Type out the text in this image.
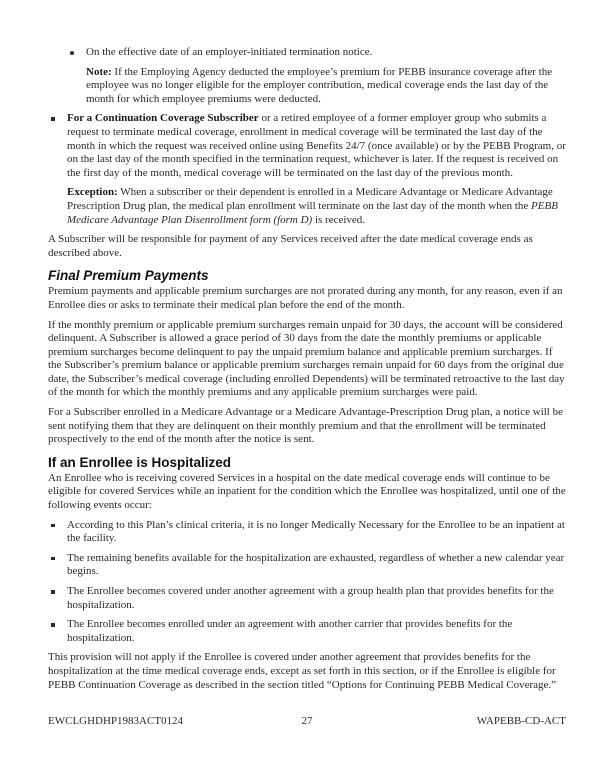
On the effective date of an employer-initiated termination notice.

Note: If the Employing Agency deducted the employee’s premium for PEBB insurance coverage after the employee was no longer eligible for the employer contribution, medical coverage ends the last day of the month for which employee premiums were deducted.

For a Continuation Coverage Subscriber or a retired employee of a former employer group who submits a request to terminate medical coverage, enrollment in medical coverage will be terminated the last day of the month in which the request was received online using Benefits 24/7 (once available) or by the PEBB Program, or on the last day of the month specified in the termination request, whichever is later. If the request is received on the first day of the month, medical coverage will be terminated on the last day of the previous month.

Exception: When a subscriber or their dependent is enrolled in a Medicare Advantage or Medicare Advantage Prescription Drug plan, the medical plan enrollment will terminate on the last day of the month when the PEBB Medicare Advantage Plan Disenrollment form (form D) is received.

A Subscriber will be responsible for payment of any Services received after the date medical coverage ends as described above.

Final Premium Payments

Premium payments and applicable premium surcharges are not prorated during any month, for any reason, even if an Enrollee dies or asks to terminate their medical plan before the end of the month.

If the monthly premium or applicable premium surcharges remain unpaid for 30 days, the account will be considered delinquent. A Subscriber is allowed a grace period of 30 days from the date the monthly premiums or applicable premium surcharges become delinquent to pay the unpaid premium balance and applicable premium surcharges. If the Subscriber’s premium balance or applicable premium surcharges remain unpaid for 60 days from the original due date, the Subscriber’s medical coverage (including enrolled Dependents) will be terminated retroactive to the last day of the month for which the monthly premiums and any applicable premium surcharges were paid.

For a Subscriber enrolled in a Medicare Advantage or a Medicare Advantage-Prescription Drug plan, a notice will be sent notifying them that they are delinquent on their monthly premium and that the enrollment will be terminated prospectively to the end of the month after the notice is sent.

If an Enrollee is Hospitalized

An Enrollee who is receiving covered Services in a hospital on the date medical coverage ends will continue to be eligible for covered Services while an inpatient for the condition which the Enrollee was hospitalized, until one of the following events occur:

According to this Plan’s clinical criteria, it is no longer Medically Necessary for the Enrollee to be an inpatient at the facility.
The remaining benefits available for the hospitalization are exhausted, regardless of whether a new calendar year begins.
The Enrollee becomes covered under another agreement with a group health plan that provides benefits for the hospitalization.
The Enrollee becomes enrolled under an agreement with another carrier that provides benefits for the hospitalization.

This provision will not apply if the Enrollee is covered under another agreement that provides benefits for the hospitalization at the time medical coverage ends, except as set forth in this section, or if the Enrollee is eligible for PEBB Continuation Coverage as described in the section titled “Options for Continuing PEBB Medical Coverage.”

EWCLGHDHP1983ACT0124	27	WAPEBB-CD-ACT
